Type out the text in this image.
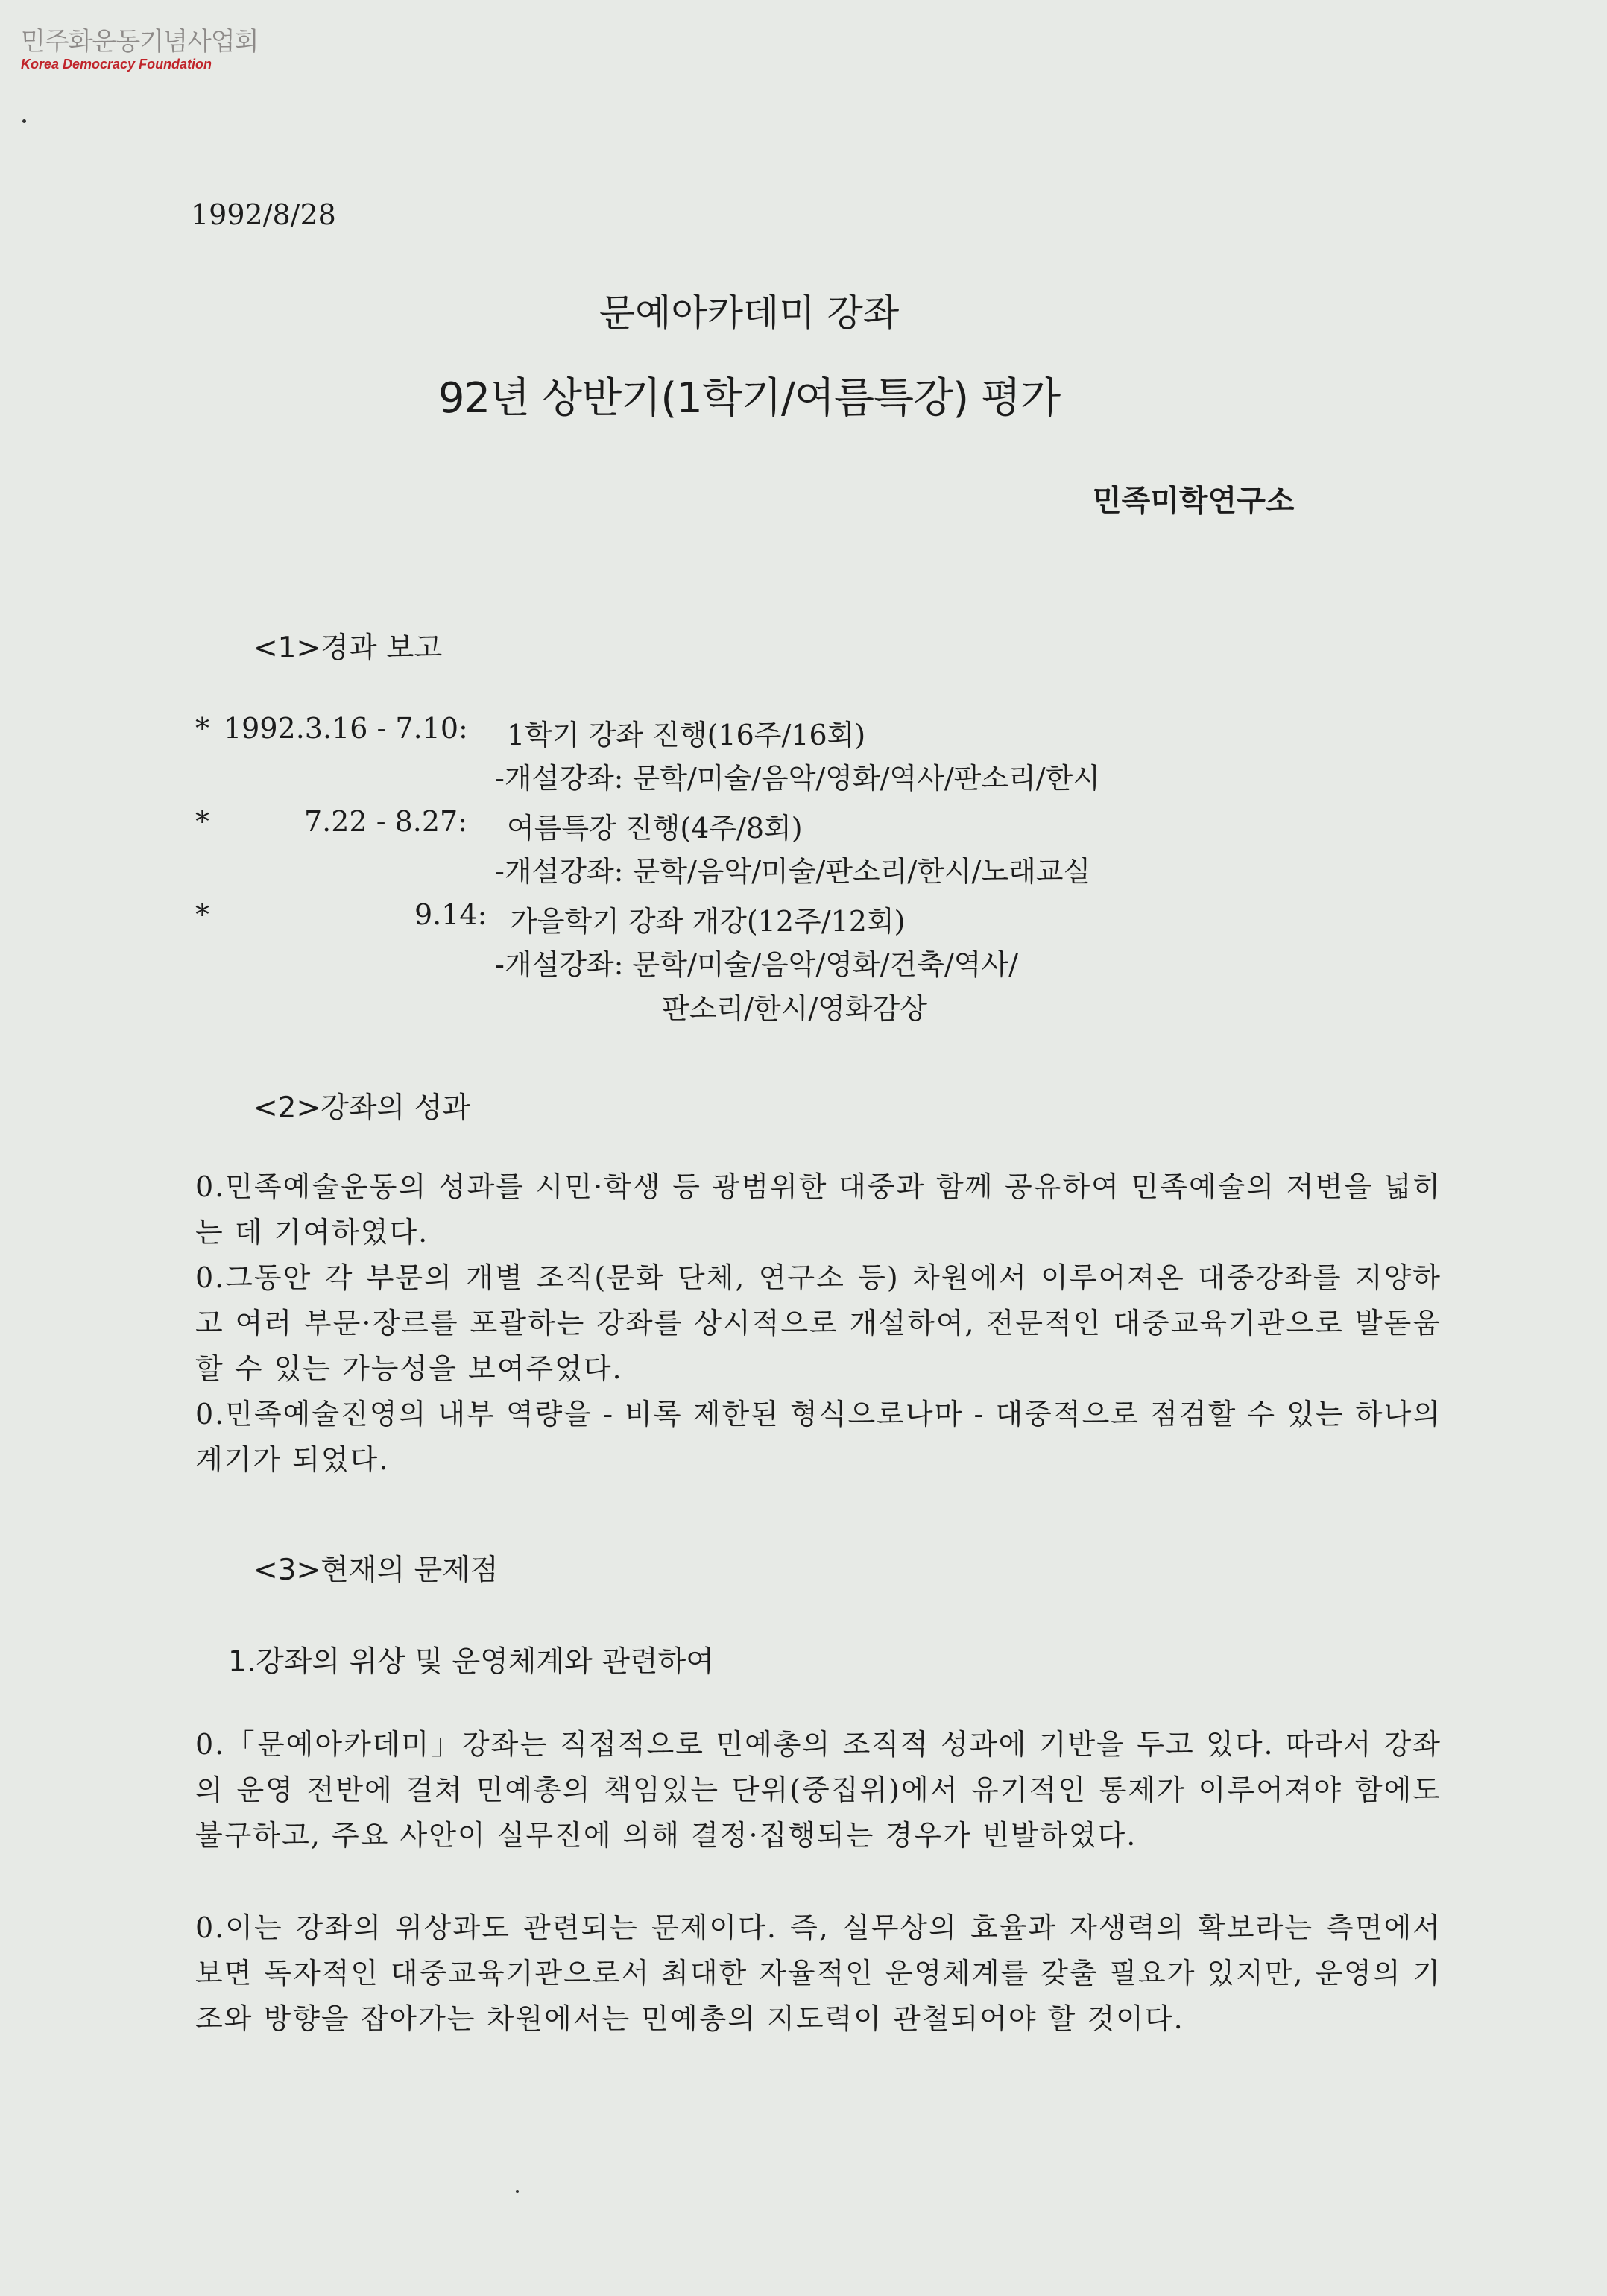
민주화운동기념사업회
Korea Democracy Foundation
1992/8/28
문예아카데미 강좌
92년 상반기(1학기/여름특강) 평가
민족미학연구소
<1>경과 보고
* 1992.3.16 - 7.10: 1학기 강좌 진행(16주/16회)
-개설강좌: 문학/미술/음악/영화/역사/판소리/한시
*	7.22 - 8.27: 여름특강 진행(4주/8회)
-개설강좌: 문학/음악/미술/판소리/한시/노래교실
*	9.14: 가을학기 강좌 개강(12주/12회)
-개설강좌: 문학/미술/음악/영화/건축/역사/
판소리/한시/영화감상
<2>강좌의 성과
0.민족예술운동의 성과를 시민·학생 등 광범위한 대중과 함께 공유하여 민족예술의 저변을 넓히는 데 기여하였다.
0.그동안 각 부문의 개별 조직(문화 단체, 연구소 등) 차원에서 이루어져온 대중강좌를 지양하고 여러 부문·장르를 포괄하는 강좌를 상시적으로 개설하여, 전문적인 대중교육기관으로 발돋움할 수 있는 가능성을 보여주었다.
0.민족예술진영의 내부 역량을 - 비록 제한된 형식으로나마 - 대중적으로 점검할 수 있는 하나의 계기가 되었다.
<3>현재의 문제점
1.강좌의 위상 및 운영체계와 관련하여
0.「문예아카데미」강좌는 직접적으로 민예총의 조직적 성과에 기반을 두고 있다. 따라서 강좌의 운영 전반에 걸쳐 민예총의 책임있는 단위(중집위)에서 유기적인 통제가 이루어져야 함에도 불구하고, 주요 사안이 실무진에 의해 결정·집행되는 경우가 빈발하였다.
0.이는 강좌의 위상과도 관련되는 문제이다. 즉, 실무상의 효율과 자생력의 확보라는 측면에서 보면 독자적인 대중교육기관으로서 최대한 자율적인 운영체계를 갖출 필요가 있지만, 운영의 기조와 방향을 잡아가는 차원에서는 민예총의 지도력이 관철되어야 할 것이다.
